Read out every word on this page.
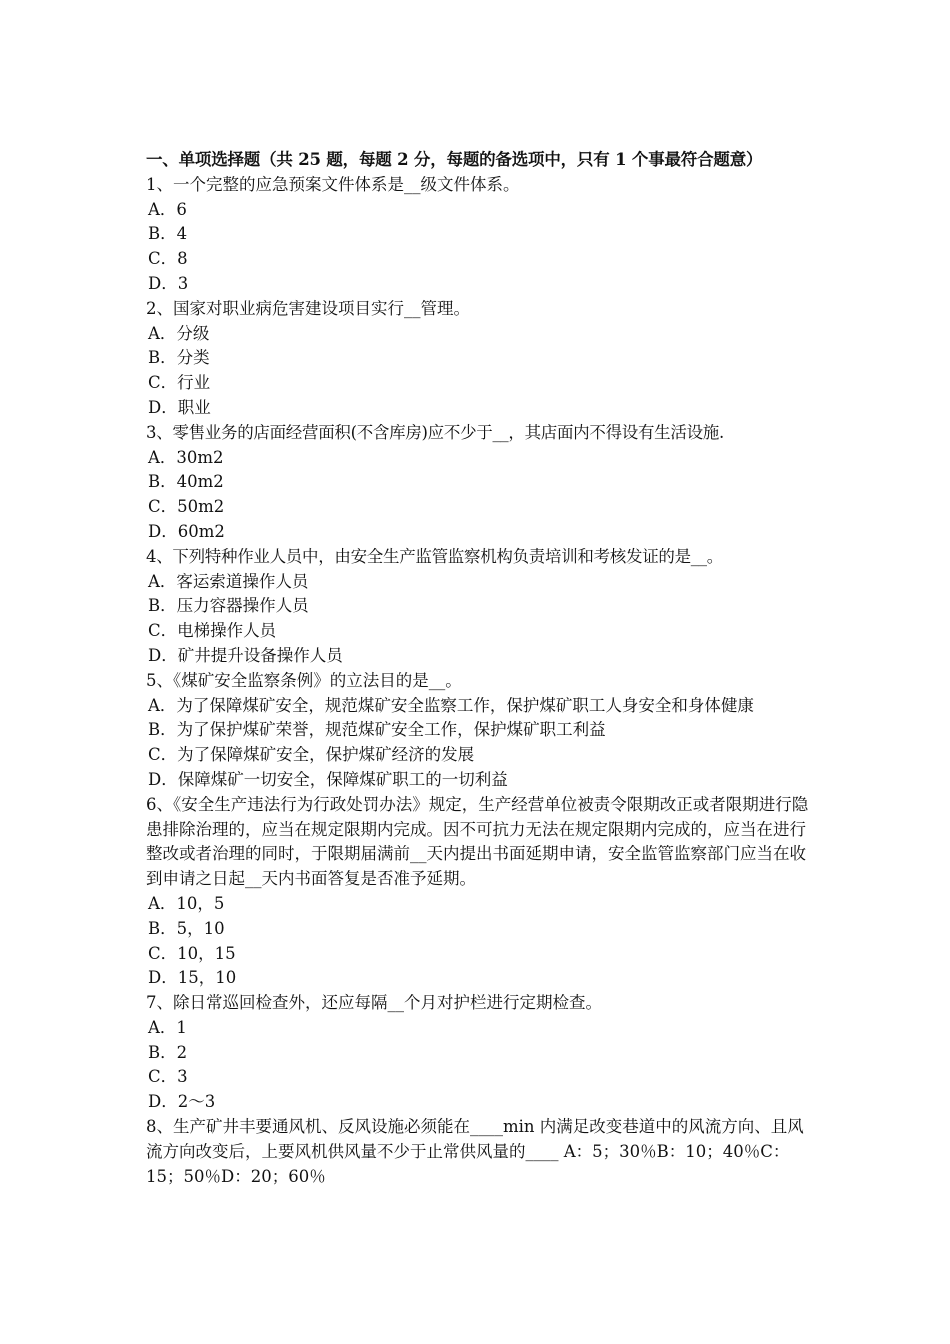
一、单项选择题（共 25 题，每题 2 分，每题的备选项中，只有 1 个事最符合题意）
1、一个完整的应急预案文件体系是__级文件体系。
A．6
B．4
C．8
D．3
2、国家对职业病危害建设项目实行__管理。
A．分级
B．分类
C．行业
D．职业
3、零售业务的店面经营面积(不含库房)应不少于__，其店面内不得设有生活设施.
A．30m2
B．40m2
C．50m2
D．60m2
4、下列特种作业人员中，由安全生产监管监察机构负责培训和考核发证的是__。
A．客运索道操作人员
B．压力容器操作人员
C．电梯操作人员
D．矿井提升设备操作人员
5、《煤矿安全监察条例》的立法目的是__。
A．为了保障煤矿安全，规范煤矿安全监察工作，保护煤矿职工人身安全和身体健康
B．为了保护煤矿荣誉，规范煤矿安全工作，保护煤矿职工利益
C．为了保障煤矿安全，保护煤矿经济的发展
D．保障煤矿一切安全，保障煤矿职工的一切利益
6、《安全生产违法行为行政处罚办法》规定，生产经营单位被责令限期改正或者限期进行隐患排除治理的，应当在规定限期内完成。因不可抗力无法在规定限期内完成的，应当在进行整改或者治理的同时，于限期届满前__天内提出书面延期申请，安全监管监察部门应当在收到申请之日起__天内书面答复是否准予延期。
A．10，5
B．5，10
C．10，15
D．15，10
7、除日常巡回检查外，还应每隔__个月对护栏进行定期检查。
A．1
B．2
C．3
D．2～3
8、生产矿井丰要通风机、反风设施必须能在____min 内满足改变巷道中的风流方向、且风流方向改变后，上要风机供风量不少于止常供风量的____ A：5；30％B：10；40％C：15；50％D：20；60％
